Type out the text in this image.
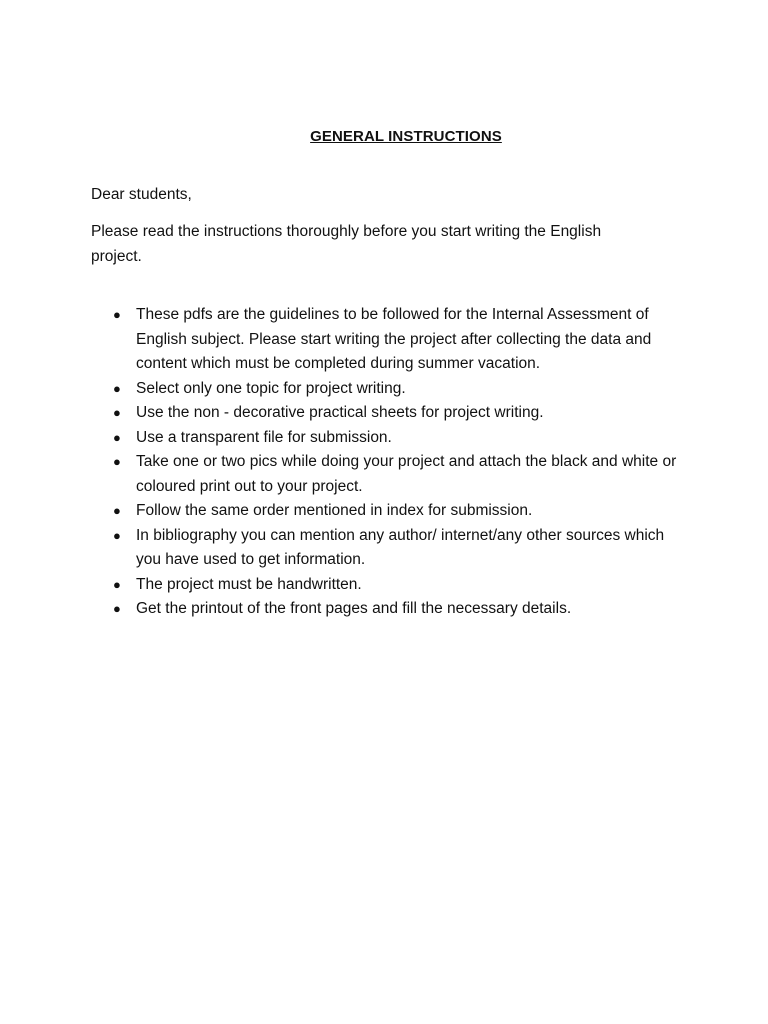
GENERAL INSTRUCTIONS
Dear students,
Please read the instructions thoroughly before you start writing the English project.
● These pdfs are the guidelines to be followed for the Internal Assessment of English subject. Please start writing the project after collecting the data and content which must be completed during summer vacation.
● Select only one topic for project writing.
● Use the non - decorative practical sheets for project writing.
● Use a transparent file for submission.
● Take one or two pics while doing your project and attach the black and white or coloured print out to your project.
● Follow the same order mentioned in index for submission.
● In bibliography you can mention any author/ internet/any other sources which you have used to get information.
● The project must be handwritten.
● Get the printout of the front pages and fill the necessary details.
